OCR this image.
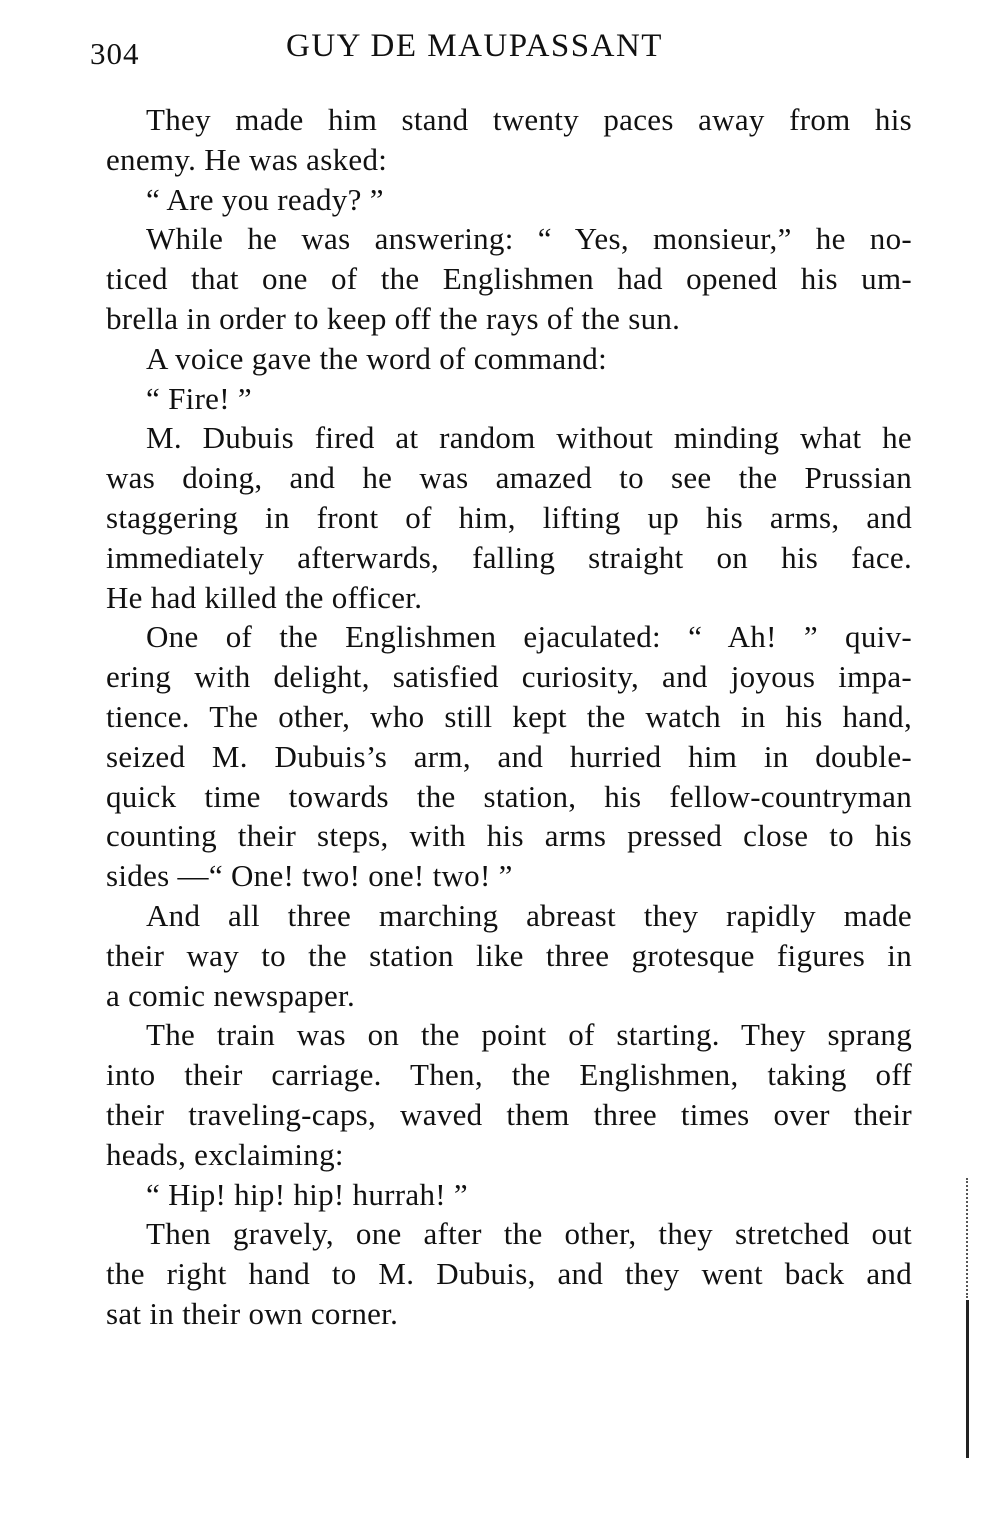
304	GUY DE MAUPASSANT
They made him stand twenty paces away from his
enemy. He was asked:
“ Are you ready? ”
While he was answering: “ Yes, monsieur,” he no-
ticed that one of the Englishmen had opened his um-
brella in order to keep off the rays of the sun.
A voice gave the word of command:
“ Fire! ”
M. Dubuis fired at random without minding what he
was doing, and he was amazed to see the Prussian
staggering in front of him, lifting up his arms, and
immediately afterwards, falling straight on his face.
He had killed the officer.
One of the Englishmen ejaculated: “ Ah! ” quiv-
ering with delight, satisfied curiosity, and joyous impa-
tience. The other, who still kept the watch in his hand,
seized M. Dubuis’s arm, and hurried him in double-
quick time towards the station, his fellow-countryman
counting their steps, with his arms pressed close to his
sides —“ One! two! one! two! ”
And all three marching abreast they rapidly made
their way to the station like three grotesque figures in
a comic newspaper.
The train was on the point of starting. They sprang
into their carriage. Then, the Englishmen, taking off
their traveling-caps, waved them three times over their
heads, exclaiming:
“ Hip! hip! hip! hurrah! ”
Then gravely, one after the other, they stretched out
the right hand to M. Dubuis, and they went back and
sat in their own corner.
